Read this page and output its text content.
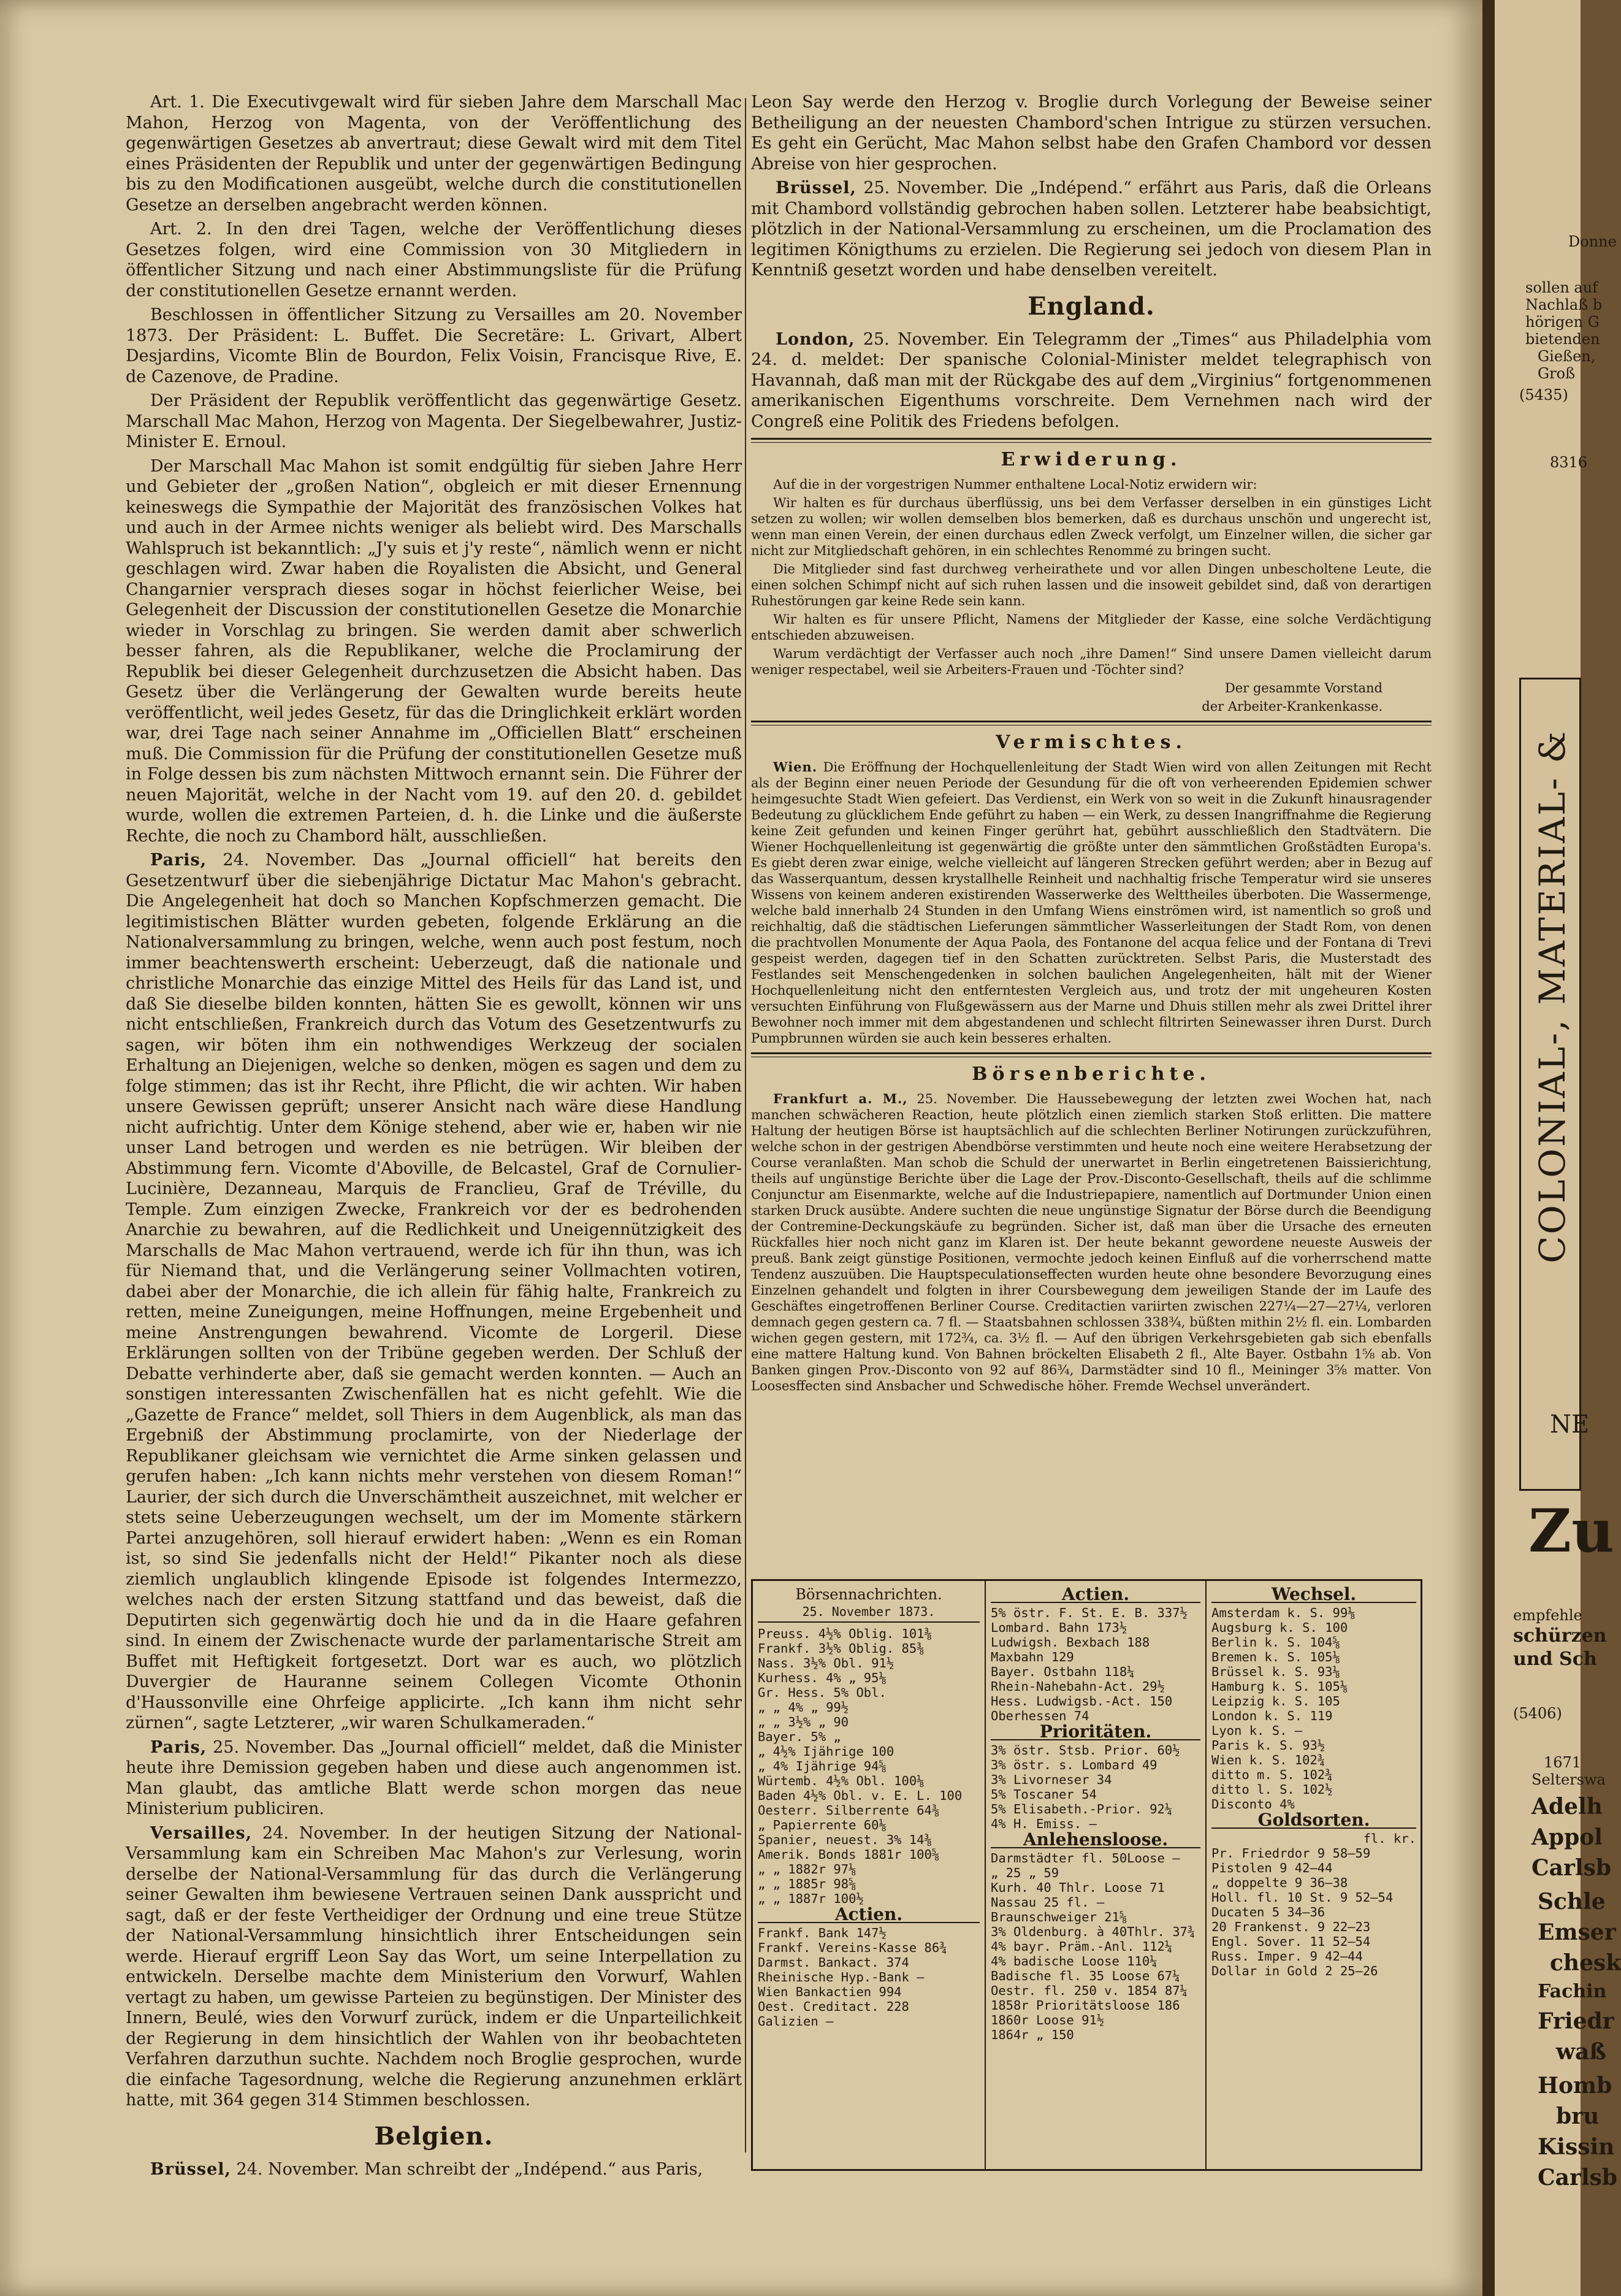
Art. 1. Die Executivgewalt wird für sieben Jahre dem Marschall Mac Mahon, Herzog von Magenta, von der Veröffentlichung des gegenwärtigen Gesetzes ab anvertraut; diese Gewalt wird mit dem Titel eines Präsidenten der Republik und unter der gegenwärtigen Bedingung bis zu den Modificationen ausgeübt, welche durch die constitutionellen Gesetze an derselben angebracht werden können.

Art. 2. In den drei Tagen, welche der Veröffentlichung dieses Gesetzes folgen, wird eine Commission von 30 Mitgliedern in öffentlicher Sitzung und nach einer Abstimmungsliste für die Prüfung der constitutionellen Gesetze ernannt werden.

Beschlossen in öffentlicher Sitzung zu Versailles am 20. November 1873. Der Präsident: L. Buffet. Die Secretäre: L. Grivart, Albert Desjardins, Vicomte Blin de Bourdon, Felix Voisin, Francisque Rive, E. de Cazenove, de Pradine.

Der Präsident der Republik veröffentlicht das gegenwärtige Gesetz. Marschall Mac Mahon, Herzog von Magenta. Der Siegelbewahrer, Justiz-Minister E. Ernoul.

Der Marschall Mac Mahon ist somit endgültig für sieben Jahre Herr und Gebieter der „großen Nation“, obgleich er mit dieser Ernennung keineswegs die Sympathie der Majorität des französischen Volkes hat und auch in der Armee nichts weniger als beliebt wird. Des Marschalls Wahlspruch ist bekanntlich: „J'y suis et j'y reste“, nämlich wenn er nicht geschlagen wird. Zwar haben die Royalisten die Absicht, und General Changarnier versprach dieses sogar in höchst feierlicher Weise, bei Gelegenheit der Discussion der constitutionellen Gesetze die Monarchie wieder in Vorschlag zu bringen. Sie werden damit aber schwerlich besser fahren, als die Republikaner, welche die Proclamirung der Republik bei dieser Gelegenheit durchzusetzen die Absicht haben. Das Gesetz über die Verlängerung der Gewalten wurde bereits heute veröffentlicht, weil jedes Gesetz, für das die Dringlichkeit erklärt worden war, drei Tage nach seiner Annahme im „Officiellen Blatt“ erscheinen muß. Die Commission für die Prüfung der constitutionellen Gesetze muß in Folge dessen bis zum nächsten Mittwoch ernannt sein. Die Führer der neuen Majorität, welche in der Nacht vom 19. auf den 20. d. gebildet wurde, wollen die extremen Parteien, d. h. die Linke und die äußerste Rechte, die noch zu Chambord hält, ausschließen.

Paris, 24. November. Das „Journal officiell“ hat bereits den Gesetzentwurf über die siebenjährige Dictatur Mac Mahon's gebracht. Die Angelegenheit hat doch so Manchen Kopfschmerzen gemacht. Die legitimistischen Blätter wurden gebeten, folgende Erklärung an die Nationalversammlung zu bringen, welche, wenn auch post festum, noch immer beachtenswerth erscheint: Ueberzeugt, daß die nationale und christliche Monarchie das einzige Mittel des Heils für das Land ist, und daß Sie dieselbe bilden konnten, hätten Sie es gewollt, können wir uns nicht entschließen, Frankreich durch das Votum des Gesetzentwurfs zu sagen, wir böten ihm ein nothwendiges Werkzeug der socialen Erhaltung an Diejenigen, welche so denken, mögen es sagen und dem zu folge stimmen; das ist ihr Recht, ihre Pflicht, die wir achten. Wir haben unsere Gewissen geprüft; unserer Ansicht nach wäre diese Handlung nicht aufrichtig. Unter dem Könige stehend, aber wie er, haben wir nie unser Land betrogen und werden es nie betrügen. Wir bleiben der Abstimmung fern. Vicomte d'Aboville, de Belcastel, Graf de Cornulier-Lucinière, Dezanneau, Marquis de Franclieu, Graf de Tréville, du Temple. Zum einzigen Zwecke, Frankreich vor der es bedrohenden Anarchie zu bewahren, auf die Redlichkeit und Uneigennützigkeit des Marschalls de Mac Mahon vertrauend, werde ich für ihn thun, was ich für Niemand that, und die Verlängerung seiner Vollmachten votiren, dabei aber der Monarchie, die ich allein für fähig halte, Frankreich zu retten, meine Zuneigungen, meine Hoffnungen, meine Ergebenheit und meine Anstrengungen bewahrend. Vicomte de Lorgeril. Diese Erklärungen sollten von der Tribüne gegeben werden. Der Schluß der Debatte verhinderte aber, daß sie gemacht werden konnten. — Auch an sonstigen interessanten Zwischenfällen hat es nicht gefehlt. Wie die „Gazette de France“ meldet, soll Thiers in dem Augenblick, als man das Ergebniß der Abstimmung proclamirte, von der Niederlage der Republikaner gleichsam wie vernichtet die Arme sinken gelassen und gerufen haben: „Ich kann nichts mehr verstehen von diesem Roman!“ Laurier, der sich durch die Unverschämtheit auszeichnet, mit welcher er stets seine Ueberzeugungen wechselt, um der im Momente stärkern Partei anzugehören, soll hierauf erwidert haben: „Wenn es ein Roman ist, so sind Sie jedenfalls nicht der Held!“ Pikanter noch als diese ziemlich unglaublich klingende Episode ist folgendes Intermezzo, welches nach der ersten Sitzung stattfand und das beweist, daß die Deputirten sich gegenwärtig doch hie und da in die Haare gefahren sind. In einem der Zwischenacte wurde der parlamentarische Streit am Buffet mit Heftigkeit fortgesetzt. Dort war es auch, wo plötzlich Duvergier de Hauranne seinem Collegen Vicomte Othonin d'Haussonville eine Ohrfeige applicirte. „Ich kann ihm nicht sehr zürnen“, sagte Letzterer, „wir waren Schulkameraden.“

Paris, 25. November. Das „Journal officiell“ meldet, daß die Minister heute ihre Demission gegeben haben und diese auch angenommen ist. Man glaubt, das amtliche Blatt werde schon morgen das neue Ministerium publiciren.

Versailles, 24. November. In der heutigen Sitzung der National-Versammlung kam ein Schreiben Mac Mahon's zur Verlesung, worin derselbe der National-Versammlung für das durch die Verlängerung seiner Gewalten ihm bewiesene Vertrauen seinen Dank ausspricht und sagt, daß er der feste Vertheidiger der Ordnung und eine treue Stütze der National-Versammlung hinsichtlich ihrer Entscheidungen sein werde. Hierauf ergriff Leon Say das Wort, um seine Interpellation zu entwickeln. Derselbe machte dem Ministerium den Vorwurf, Wahlen vertagt zu haben, um gewisse Parteien zu begünstigen. Der Minister des Innern, Beulé, wies den Vorwurf zurück, indem er die Unparteilichkeit der Regierung in dem hinsichtlich der Wahlen von ihr beobachteten Verfahren darzuthun suchte. Nachdem noch Broglie gesprochen, wurde die einfache Tagesordnung, welche die Regierung anzunehmen erklärt hatte, mit 364 gegen 314 Stimmen beschlossen.

Belgien.

Brüssel, 24. November. Man schreibt der „Indépend.“ aus Paris,

Leon Say werde den Herzog v. Broglie durch Vorlegung der Beweise seiner Betheiligung an der neuesten Chambord'schen Intrigue zu stürzen versuchen. Es geht ein Gerücht, Mac Mahon selbst habe den Grafen Chambord vor dessen Abreise von hier gesprochen.

Brüssel, 25. November. Die „Indépend.“ erfährt aus Paris, daß die Orleans mit Chambord vollständig gebrochen haben sollen. Letzterer habe beabsichtigt, plötzlich in der National-Versammlung zu erscheinen, um die Proclamation des legitimen Königthums zu erzielen. Die Regierung sei jedoch von diesem Plan in Kenntniß gesetzt worden und habe denselben vereitelt.

England.

London, 25. November. Ein Telegramm der „Times“ aus Philadelphia vom 24. d. meldet: Der spanische Colonial-Minister meldet telegraphisch von Havannah, daß man mit der Rückgabe des auf dem „Virginius“ fortgenommenen amerikanischen Eigenthums vorschreite. Dem Vernehmen nach wird der Congreß eine Politik des Friedens befolgen.

Erwiderung.

Auf die in der vorgestrigen Nummer enthaltene Local-Notiz erwidern wir:

Wir halten es für durchaus überflüssig, uns bei dem Verfasser derselben in ein günstiges Licht setzen zu wollen; wir wollen demselben blos bemerken, daß es durchaus unschön und ungerecht ist, wenn man einen Verein, der einen durchaus edlen Zweck verfolgt, um Einzelner willen, die sicher gar nicht zur Mitgliedschaft gehören, in ein schlechtes Renommé zu bringen sucht.

Die Mitglieder sind fast durchweg verheirathete und vor allen Dingen unbescholtene Leute, die einen solchen Schimpf nicht auf sich ruhen lassen und die insoweit gebildet sind, daß von derartigen Ruhestörungen gar keine Rede sein kann.

Wir halten es für unsere Pflicht, Namens der Mitglieder der Kasse, eine solche Verdächtigung entschieden abzuweisen.

Warum verdächtigt der Verfasser auch noch „ihre Damen!“ Sind unsere Damen vielleicht darum weniger respectabel, weil sie Arbeiters-Frauen und -Töchter sind?

Der gesammte Vorstand

der Arbeiter-Krankenkasse.

Vermischtes.

Wien. Die Eröffnung der Hochquellenleitung der Stadt Wien wird von allen Zeitungen mit Recht als der Beginn einer neuen Periode der Gesundung für die oft von verheerenden Epidemien schwer heimgesuchte Stadt Wien gefeiert. Das Verdienst, ein Werk von so weit in die Zukunft hinausragender Bedeutung zu glücklichem Ende geführt zu haben — ein Werk, zu dessen Inangriffnahme die Regierung keine Zeit gefunden und keinen Finger gerührt hat, gebührt ausschließlich den Stadtvätern. Die Wiener Hochquellenleitung ist gegenwärtig die größte unter den sämmtlichen Großstädten Europa's. Es giebt deren zwar einige, welche vielleicht auf längeren Strecken geführt werden; aber in Bezug auf das Wasserquantum, dessen krystallhelle Reinheit und nachhaltig frische Temperatur wird sie unseres Wissens von keinem anderen existirenden Wasserwerke des Welttheiles überboten. Die Wassermenge, welche bald innerhalb 24 Stunden in den Umfang Wiens einströmen wird, ist namentlich so groß und reichhaltig, daß die städtischen Lieferungen sämmtlicher Wasserleitungen der Stadt Rom, von denen die prachtvollen Monumente der Aqua Paola, des Fontanone del acqua felice und der Fontana di Trevi gespeist werden, dagegen tief in den Schatten zurücktreten. Selbst Paris, die Musterstadt des Festlandes seit Menschengedenken in solchen baulichen Angelegenheiten, hält mit der Wiener Hochquellenleitung nicht den entferntesten Vergleich aus, und trotz der mit ungeheuren Kosten versuchten Einführung von Flußgewässern aus der Marne und Dhuis stillen mehr als zwei Drittel ihrer Bewohner noch immer mit dem abgestandenen und schlecht filtrirten Seinewasser ihren Durst. Durch Pumpbrunnen würden sie auch kein besseres erhalten.

Börsenberichte.

Frankfurt a. M., 25. November. Die Haussebewegung der letzten zwei Wochen hat, nach manchen schwächeren Reaction, heute plötzlich einen ziemlich starken Stoß erlitten. Die mattere Haltung der heutigen Börse ist hauptsächlich auf die schlechten Berliner Notirungen zurückzuführen, welche schon in der gestrigen Abendbörse verstimmten und heute noch eine weitere Herabsetzung der Course veranlaßten. Man schob die Schuld der unerwartet in Berlin eingetretenen Baissierichtung, theils auf ungünstige Berichte über die Lage der Prov.-Disconto-Gesellschaft, theils auf die schlimme Conjunctur am Eisenmarkte, welche auf die Industriepapiere, namentlich auf Dortmunder Union einen starken Druck ausübte. Andere suchten die neue ungünstige Signatur der Börse durch die Beendigung der Contremine-Deckungskäufe zu begründen. Sicher ist, daß man über die Ursache des erneuten Rückfalles hier noch nicht ganz im Klaren ist. Der heute bekannt gewordene neueste Ausweis der preuß. Bank zeigt günstige Positionen, vermochte jedoch keinen Einfluß auf die vorherrschend matte Tendenz auszuüben. Die Hauptspeculationseffecten wurden heute ohne besondere Bevorzugung eines Einzelnen gehandelt und folgten in ihrer Coursbewegung dem jeweiligen Stande der im Laufe des Geschäftes eingetroffenen Berliner Course. Creditactien variirten zwischen 227¼—27—27¼, verloren demnach gegen gestern ca. 7 fl. — Staatsbahnen schlossen 338¾, büßten mithin 2½ fl. ein. Lombarden wichen gegen gestern, mit 172¾, ca. 3½ fl. — Auf den übrigen Verkehrsgebieten gab sich ebenfalls eine mattere Haltung kund. Von Bahnen bröckelten Elisabeth 2 fl., Alte Bayer. Ostbahn 1⅝ ab. Von Banken gingen Prov.-Disconto von 92 auf 86¾, Darmstädter sind 10 fl., Meininger 3⅝ matter. Von Loosesffecten sind Ansbacher und Schwedische höher. Fremde Wechsel unverändert.

Börsennachrichten.
25. November 1873.
Preuss. 4½% Oblig. 101⅜
Frankf. 3½% Oblig. 85⅜
Nass. 3½% Obl. 91½
Kurhess. 4% „ 95⅛
Gr. Hess. 5% Obl.
„ „ 4% „ 99½
„ „ 3½% „ 90
Bayer. 5% „
„ 4½% Ijährige 100
„ 4% Ijährige 94⅝
Würtemb. 4½% Obl. 100⅛
Baden 4½% Obl. v. E. L. 100
Oesterr. Silberrente 64⅜
„ Papierrente 60⅛
Spanier, neuest. 3% 14⅜
Amerik. Bonds 1881r 100⅝
„ „ 1882r 97⅛
„ „ 1885r 98⅝
„ „ 1887r 100½
Actien.
Frankf. Bank 147½
Frankf. Vereins-Kasse 86¾
Darmst. Bankact. 374
Rheinische Hyp.-Bank —
Wien Bankactien 994
Oest. Creditact. 228
Galizien —
Actien.
5% östr. F. St. E. B. 337½
Lombard. Bahn 173½
Ludwigsh. Bexbach 188
Maxbahn 129
Bayer. Ostbahn 118¼
Rhein-Nahebahn-Act. 29½
Hess. Ludwigsb.-Act. 150
Oberhessen 74
Prioritäten.
3% östr. Stsb. Prior. 60½
3% östr. s. Lombard 49
3% Livorneser 34
5% Toscaner 54
5% Elisabeth.-Prior. 92¼
4% H. Emiss. —
Anlehensloose.
Darmstädter fl. 50Loose —
„ 25 „ 59
Kurh. 40 Thlr. Loose 71
Nassau 25 fl. —
Braunschweiger 21⅝
3% Oldenburg. à 40Thlr. 37¾
4% bayr. Präm.-Anl. 112¼
4% badische Loose 110¼
Badische fl. 35 Loose 67¼
Oestr. fl. 250 v. 1854 87¼
1858r Prioritätsloose 186
1860r Loose 91½
1864r „ 150
Wechsel.
Amsterdam k. S. 99⅛
Augsburg k. S. 100
Berlin k. S. 104⅝
Bremen k. S. 105⅛
Brüssel k. S. 93⅛
Hamburg k. S. 105⅛
Leipzig k. S. 105
London k. S. 119
Lyon k. S. —
Paris k. S. 93½
Wien k. S. 102¾
ditto m. S. 102¾
ditto l. S. 102½
Disconto 4%
Goldsorten.
fl. kr.
Pr. Friedrdor 9 58—59
Pistolen 9 42—44
„ doppelte 9 36—38
Holl. fl. 10 St. 9 52—54
Ducaten 5 34—36
20 Frankenst. 9 22—23
Engl. Sover. 11 52—54
Russ. Imper. 9 42—44
Dollar in Gold 2 25—26
Donne
sollen auf
Nachlaß b
hörigen G
bietenden
Gießen,
Groß
(5435)
8316
COLONIAL-, MATERIAL- &
NE
Zu
empfehle
schürzen
und Sch
(5406)
1671
Selterswa
Adelh
Appol
Carlsb
Schle
Emser
chesk
Fachin
Friedr
waß
Homb
bru
Kissin
Carlsb
